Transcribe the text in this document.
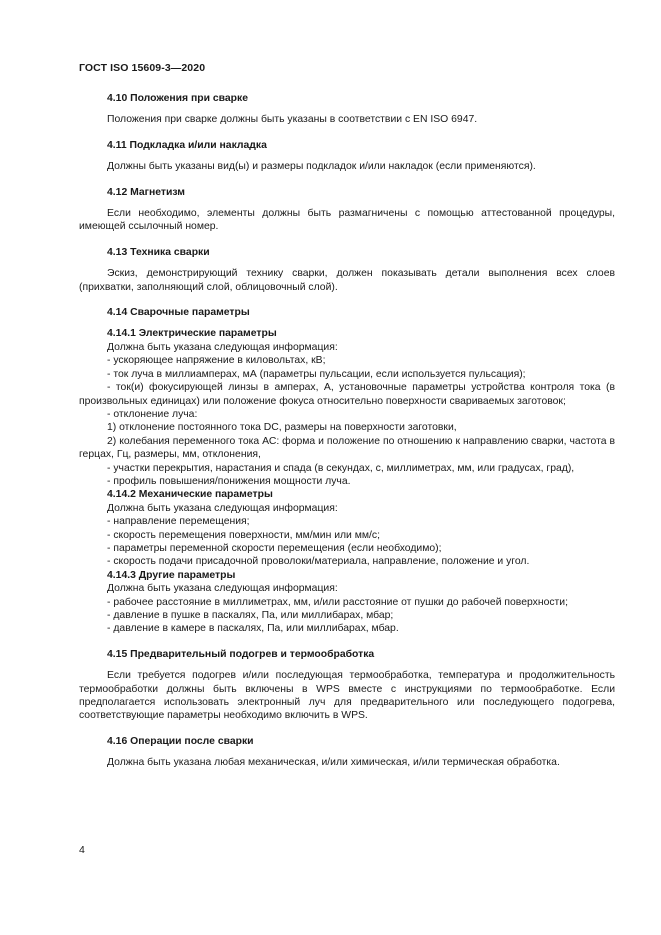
ГОСТ ISO 15609-3—2020
4.10 Положения при сварке
Положения при сварке должны быть указаны в соответствии с EN ISO 6947.
4.11 Подкладка и/или накладка
Должны быть указаны вид(ы) и размеры подкладок и/или накладок (если применяются).
4.12 Магнетизм
Если необходимо, элементы должны быть размагничены с помощью аттестованной процедуры, имеющей ссылочный номер.
4.13 Техника сварки
Эскиз, демонстрирующий технику сварки, должен показывать детали выполнения всех слоев (прихватки, заполняющий слой, облицовочный слой).
4.14 Сварочные параметры
4.14.1 Электрические параметры
Должна быть указана следующая информация:
- ускоряющее напряжение в киловольтах, кВ;
- ток луча в миллиамперах, мА (параметры пульсации, если используется пульсация);
- ток(и) фокусирующей линзы в амперах, А, установочные параметры устройства контроля тока (в произвольных единицах) или положение фокуса относительно поверхности свариваемых заготовок;
- отклонение луча:
1) отклонение постоянного тока DC, размеры на поверхности заготовки,
2) колебания переменного тока АС: форма и положение по отношению к направлению сварки, частота в герцах, Гц, размеры, мм, отклонения,
- участки перекрытия, нарастания и спада (в секундах, с, миллиметрах, мм, или градусах, град),
- профиль повышения/понижения мощности луча.
4.14.2 Механические параметры
Должна быть указана следующая информация:
- направление перемещения;
- скорость перемещения поверхности, мм/мин или мм/с;
- параметры переменной скорости перемещения (если необходимо);
- скорость подачи присадочной проволоки/материала, направление, положение и угол.
4.14.3 Другие параметры
Должна быть указана следующая информация:
- рабочее расстояние в миллиметрах, мм, и/или расстояние от пушки до рабочей поверхности;
- давление в пушке в паскалях, Па, или миллибарах, мбар;
- давление в камере в паскалях, Па, или миллибарах, мбар.
4.15 Предварительный подогрев и термообработка
Если требуется подогрев и/или последующая термообработка, температура и продолжительность термообработки должны быть включены в WPS вместе с инструкциями по термообработке. Если предполагается использовать электронный луч для предварительного или последующего подогрева, соответствующие параметры необходимо включить в WPS.
4.16 Операции после сварки
Должна быть указана любая механическая, и/или химическая, и/или термическая обработка.
4
